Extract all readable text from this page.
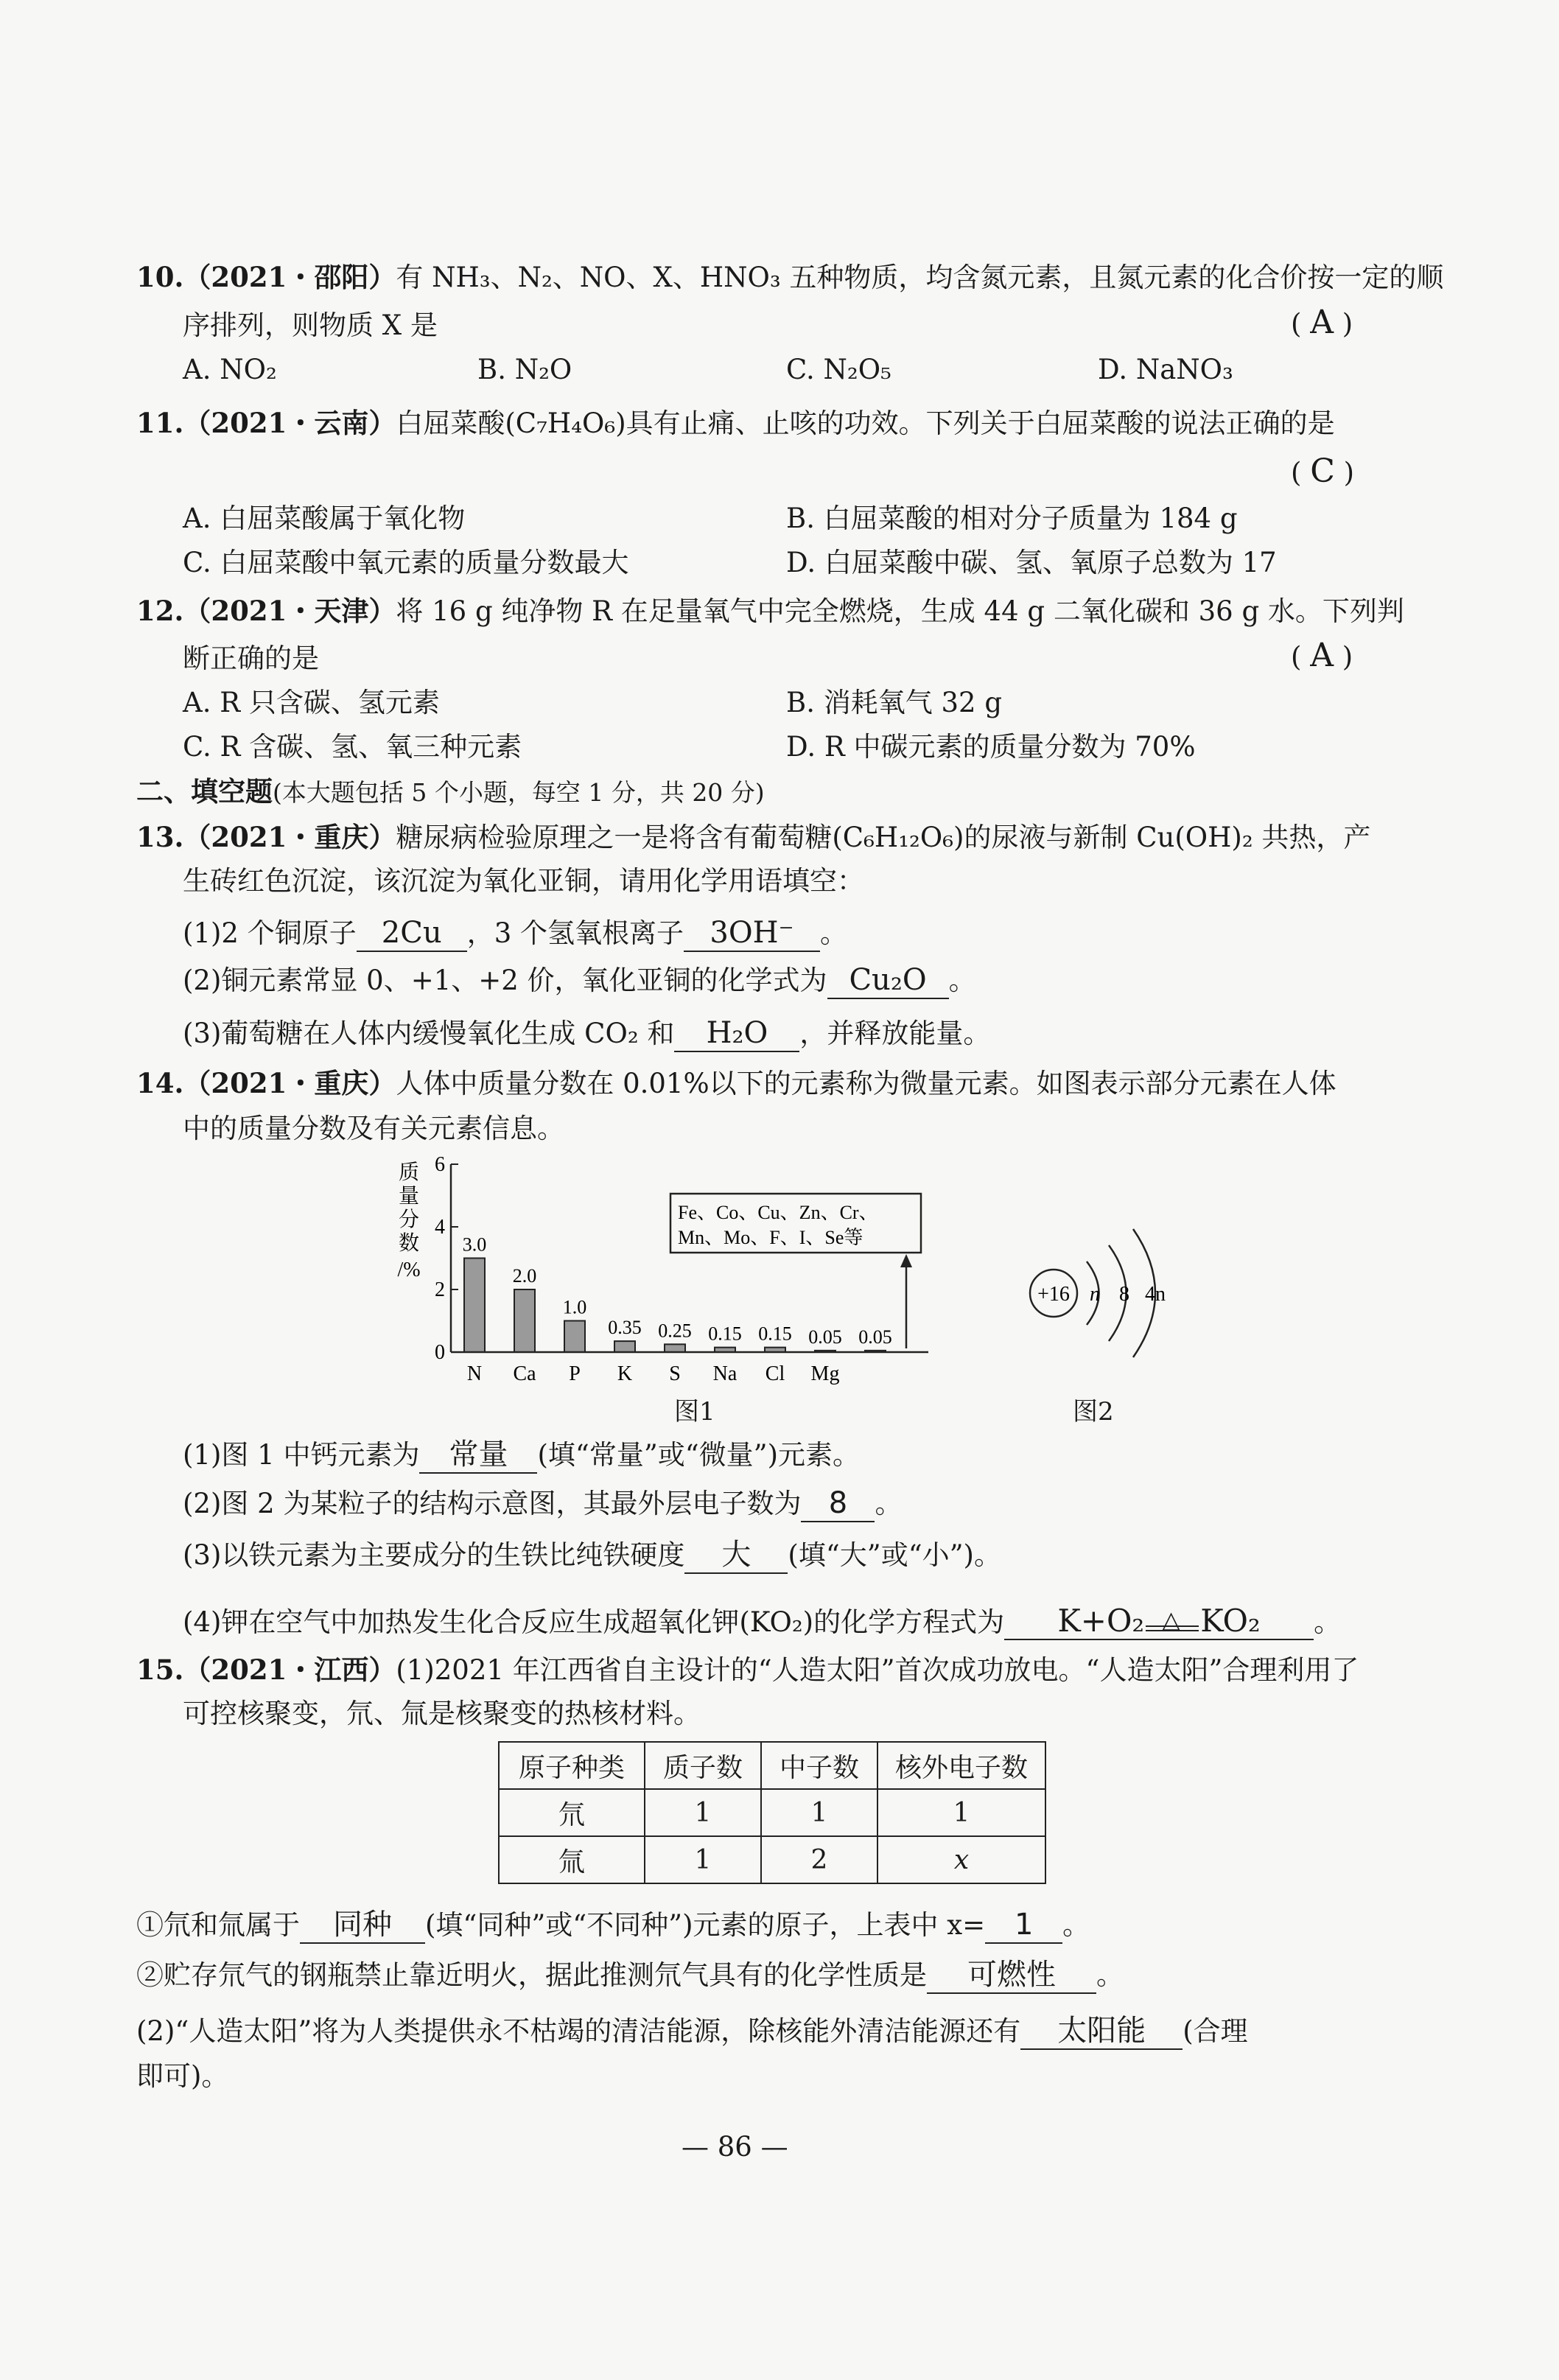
10.（2021・邵阳）有 NH₃、N₂、NO、X、HNO₃ 五种物质，均含氮元素，且氮元素的化合价按一定的顺
序排列，则物质 X 是	( A )
A. NO₂	B. N₂O	C. N₂O₅	D. NaNO₃
11.（2021・云南）白屈菜酸(C₇H₄O₆)具有止痛、止咳的功效。下列关于白屈菜酸的说法正确的是
( C )
A. 白屈菜酸属于氧化物	B. 白屈菜酸的相对分子质量为 184 g
C. 白屈菜酸中氧元素的质量分数最大	D. 白屈菜酸中碳、氢、氧原子总数为 17
12.（2021・天津）将 16 g 纯净物 R 在足量氧气中完全燃烧，生成 44 g 二氧化碳和 36 g 水。下列判
断正确的是	( A )
A. R 只含碳、氢元素	B. 消耗氧气 32 g
C. R 含碳、氢、氧三种元素	D. R 中碳元素的质量分数为 70%
二、填空题(本大题包括 5 个小题，每空 1 分，共 20 分)
13.（2021・重庆）糖尿病检验原理之一是将含有葡萄糖(C₆H₁₂O₆)的尿液与新制 Cu(OH)₂ 共热，产
生砖红色沉淀，该沉淀为氧化亚铜，请用化学用语填空：
(1)2 个铜原子 2Cu ，3 个氢氧根离子 3OH⁻ 。
(2)铜元素常显 0、+1、+2 价，氧化亚铜的化学式为 Cu₂O 。
(3)葡萄糖在人体内缓慢氧化生成 CO₂ 和 H₂O ，并释放能量。
14.（2021・重庆）人体中质量分数在 0.01%以下的元素称为微量元素。如图表示部分元素在人体
中的质量分数及有关元素信息。
质
量
分
数
/%
3.0
2.0
1.0
0.35 0.25 0.15 0.15 0.05 0.05
N Ca P K S Na Cl Mg
0
2
4
6
Fe、Co、Cu、Zn、Cr、
Mn、Mo、F、I、Se等
图1
+16 n 8 4n
图2
(1)图 1 中钙元素为 常量 (填“常量”或“微量”)元素。
(2)图 2 为某粒子的结构示意图，其最外层电子数为 8 。
(3)以铁元素为主要成分的生铁比纯铁硬度 大 (填“大”或“小”)。
(4)钾在空气中加热发生化合反应生成超氧化钾(KO₂)的化学方程式为 K+O₂ △ KO₂ 。
15.（2021・江西）(1)2021 年江西省自主设计的“人造太阳”首次成功放电。“人造太阳”合理利用了
可控核聚变，氘、氚是核聚变的热核材料。
原子种类	质子数	中子数	核外电子数
氘	1	1	1
氚	1	2	x
①氘和氚属于 同种 (填“同种”或“不同种”)元素的原子，上表中 x= 1 。
②贮存氘气的钢瓶禁止靠近明火，据此推测氘气具有的化学性质是 可燃性 。
(2)“人造太阳”将为人类提供永不枯竭的清洁能源，除核能外清洁能源还有 太阳能 (合理
即可)。
— 86 —
